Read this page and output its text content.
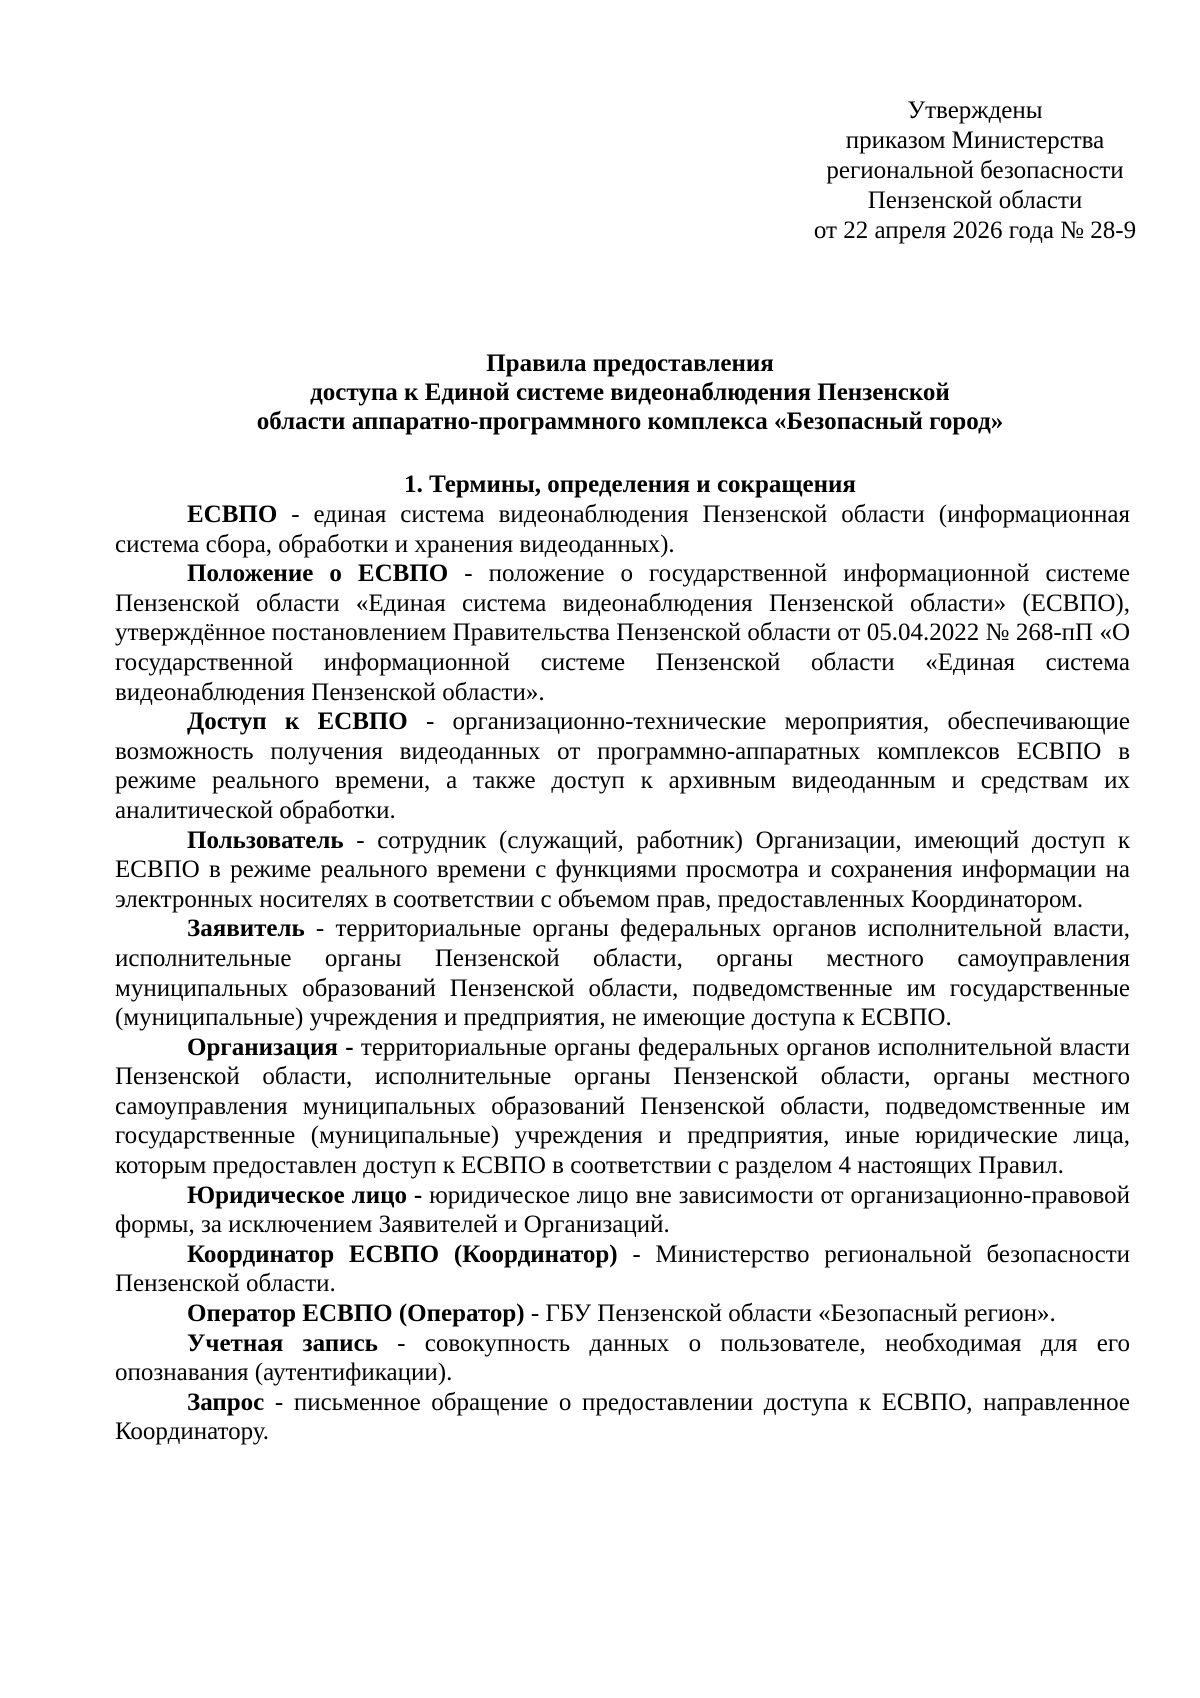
Утверждены
приказом Министерства
региональной безопасности
Пензенской области
от 22 апреля 2026 года № 28-9
Правила предоставления
доступа к Единой системе видеонаблюдения Пензенской
области аппаратно-программного комплекса «Безопасный город»
1. Термины, определения и сокращения

ЕСВПО - единая система видеонаблюдения Пензенской области (информационная система сбора, обработки и хранения видеоданных).

Положение о ЕСВПО - положение о государственной информационной системе Пензенской области «Единая система видеонаблюдения Пензенской области» (ЕСВПО), утверждённое постановлением Правительства Пензенской области от 05.04.2022 № 268-пП «О государственной информационной системе Пензенской области «Единая система видеонаблюдения Пензенской области».

Доступ к ЕСВПО - организационно-технические мероприятия, обеспечивающие возможность получения видеоданных от программно-аппаратных комплексов ЕСВПО в режиме реального времени, а также доступ к архивным видеоданным и средствам их аналитической обработки.

Пользователь - сотрудник (служащий, работник) Организации, имеющий доступ к ЕСВПО в режиме реального времени с функциями просмотра и сохранения информации на электронных носителях в соответствии с объемом прав, предоставленных Координатором.

Заявитель - территориальные органы федеральных органов исполнительной власти, исполнительные органы Пензенской области, органы местного самоуправления муниципальных образований Пензенской области, подведомственные им государственные (муниципальные) учреждения и предприятия, не имеющие доступа к ЕСВПО.

Организация - территориальные органы федеральных органов исполнительной власти Пензенской области, исполнительные органы Пензенской области, органы местного самоуправления муниципальных образований Пензенской области, подведомственные им государственные (муниципальные) учреждения и предприятия, иные юридические лица, которым предоставлен доступ к ЕСВПО в соответствии с разделом 4 настоящих Правил.

Юридическое лицо - юридическое лицо вне зависимости от организационно-правовой формы, за исключением Заявителей и Организаций.

Координатор ЕСВПО (Координатор) - Министерство региональной безопасности Пензенской области.

Оператор ЕСВПО (Оператор) - ГБУ Пензенской области «Безопасный регион».

Учетная запись - совокупность данных о пользователе, необходимая для его опознавания (аутентификации).

Запрос - письменное обращение о предоставлении доступа к ЕСВПО, направленное Координатору.
